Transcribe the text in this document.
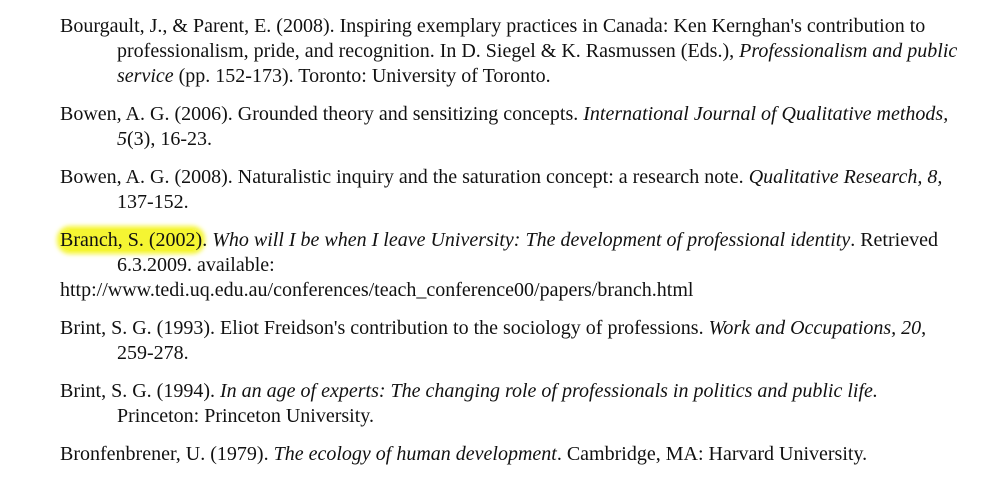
Bourgault, J., & Parent, E. (2008). Inspiring exemplary practices in Canada: Ken Kernghan's contribution to professionalism, pride, and recognition. In D. Siegel & K. Rasmussen (Eds.), Professionalism and public service (pp. 152-173). Toronto: University of Toronto.

Bowen, A. G. (2006). Grounded theory and sensitizing concepts. International Journal of Qualitative methods, 5(3), 16-23.

Bowen, A. G. (2008). Naturalistic inquiry and the saturation concept: a research note. Qualitative Research, 8, 137-152.

Branch, S. (2002). Who will I be when I leave University: The development of professional identity. Retrieved 6.3.2009. available:
http://www.tedi.uq.edu.au/conferences/teach_conference00/papers/branch.html

Brint, S. G. (1993). Eliot Freidson's contribution to the sociology of professions. Work and Occupations, 20, 259-278.

Brint, S. G. (1994). In an age of experts: The changing role of professionals in politics and public life. Princeton: Princeton University.

Bronfenbrener, U. (1979). The ecology of human development. Cambridge, MA: Harvard University.
